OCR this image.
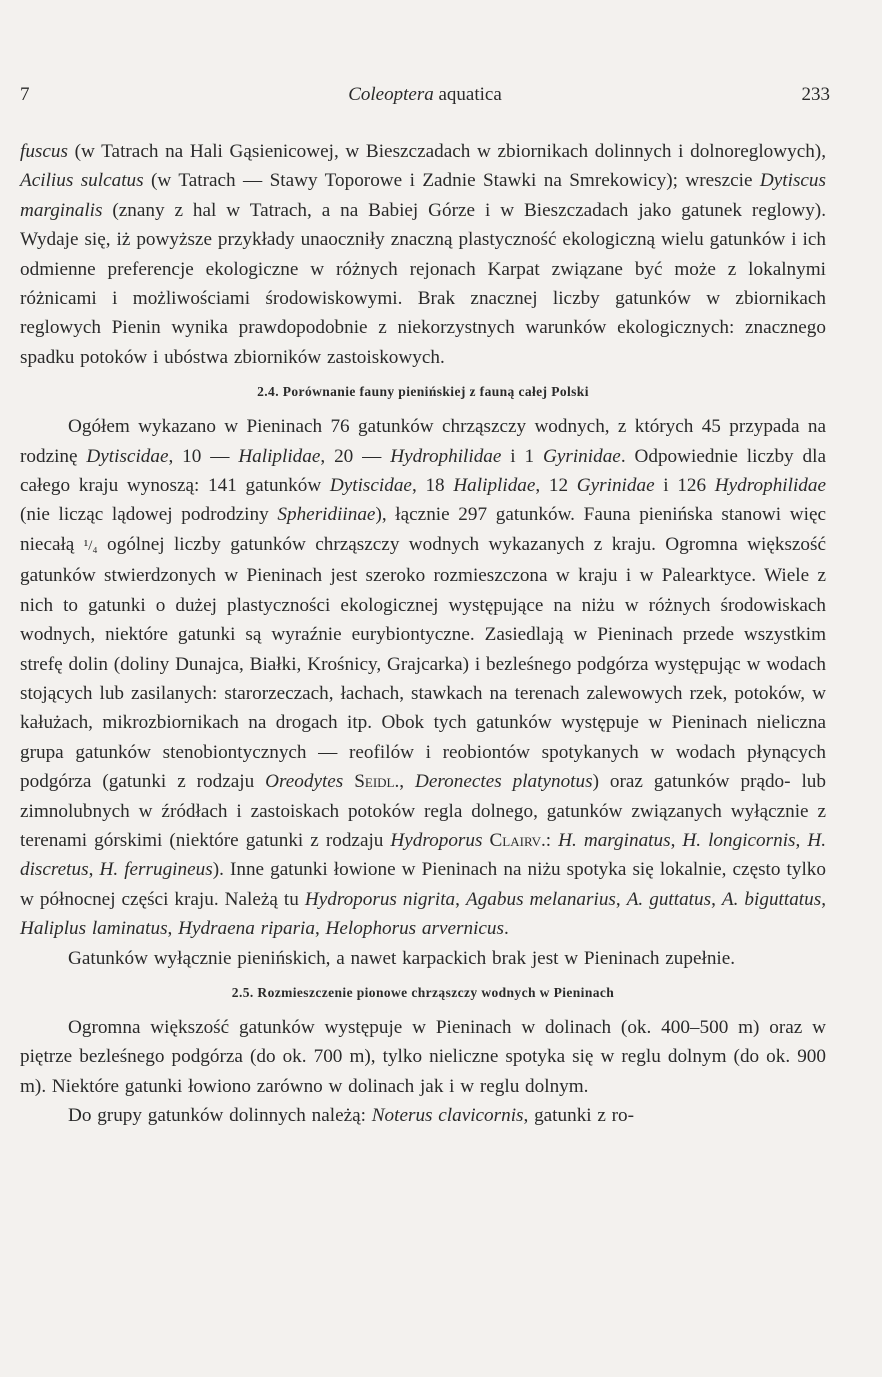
7	Coleoptera aquatica	233

fuscus (w Tatrach na Hali Gąsienicowej, w Bieszczadach w zbiornikach dolinnych i dolnoreglowych), Acilius sulcatus (w Tatrach — Stawy Toporowe i Zadnie Stawki na Smrekowicy); wreszcie Dytiscus marginalis (znany z hal w Tatrach, a na Babiej Górze i w Bieszczadach jako gatunek reglowy). Wydaje się, iż powyższe przykłady unaoczniły znaczną plastyczność ekologiczną wielu gatunków i ich odmienne preferencje ekologiczne w różnych rejonach Karpat związane być może z lokalnymi różnicami i możliwościami środowiskowymi. Brak znacznej liczby gatunków w zbiornikach reglowych Pienin wynika prawdopodobnie z niekorzystnych warunków ekologicznych: znacznego spadku potoków i ubóstwa zbiorników zastoiskowych.

2.4. Porównanie fauny pienińskiej z fauną całej Polski

Ogółem wykazano w Pieninach 76 gatunków chrząszczy wodnych, z których 45 przypada na rodzinę Dytiscidae, 10 — Haliplidae, 20 — Hydrophilidae i 1 Gyrinidae. Odpowiednie liczby dla całego kraju wynoszą: 141 gatunków Dytiscidae, 18 Haliplidae, 12 Gyrinidae i 126 Hydrophilidae (nie licząc lądowej podrodziny Spheridiinae), łącznie 297 gatunków. Fauna pienińska stanowi więc niecałą ¹/₄ ogólnej liczby gatunków chrząszczy wodnych wykazanych z kraju. Ogromna większość gatunków stwierdzonych w Pieninach jest szeroko rozmieszczona w kraju i w Palearktyce. Wiele z nich to gatunki o dużej plastyczności ekologicznej występujące na niżu w różnych środowiskach wodnych, niektóre gatunki są wyraźnie eurybiontyczne. Zasiedlają w Pieninach przede wszystkim strefę dolin (doliny Dunajca, Białki, Krośnicy, Grajcarka) i bezleśnego podgórza występując w wodach stojących lub zasilanych: starorzeczach, łachach, stawkach na terenach zalewowych rzek, potoków, w kałużach, mikrozbiornikach na drogach itp. Obok tych gatunków występuje w Pieninach nieliczna grupa gatunków stenobiontycznych — reofilów i reobiontów spotykanych w wodach płynących podgórza (gatunki z rodzaju Oreodytes Seidl., Deronectes platynotus) oraz gatunków prądo- lub zimnolubnych w źródłach i zastoiskach potoków regla dolnego, gatunków związanych wyłącznie z terenami górskimi (niektóre gatunki z rodzaju Hydroporus Clairv.: H. marginatus, H. longicornis, H. discretus, H. ferrugineus). Inne gatunki łowione w Pieninach na niżu spotyka się lokalnie, często tylko w północnej części kraju. Należą tu Hydroporus nigrita, Agabus melanarius, A. guttatus, A. biguttatus, Haliplus laminatus, Hydraena riparia, Helophorus arvernicus.

Gatunków wyłącznie pienińskich, a nawet karpackich brak jest w Pieninach zupełnie.

2.5. Rozmieszczenie pionowe chrząszczy wodnych w Pieninach

Ogromna większość gatunków występuje w Pieninach w dolinach (ok. 400–500 m) oraz w piętrze bezleśnego podgórza (do ok. 700 m), tylko nieliczne spotyka się w reglu dolnym (do ok. 900 m). Niektóre gatunki łowiono zarówno w dolinach jak i w reglu dolnym.

Do grupy gatunków dolinnych należą: Noterus clavicornis, gatunki z ro-
